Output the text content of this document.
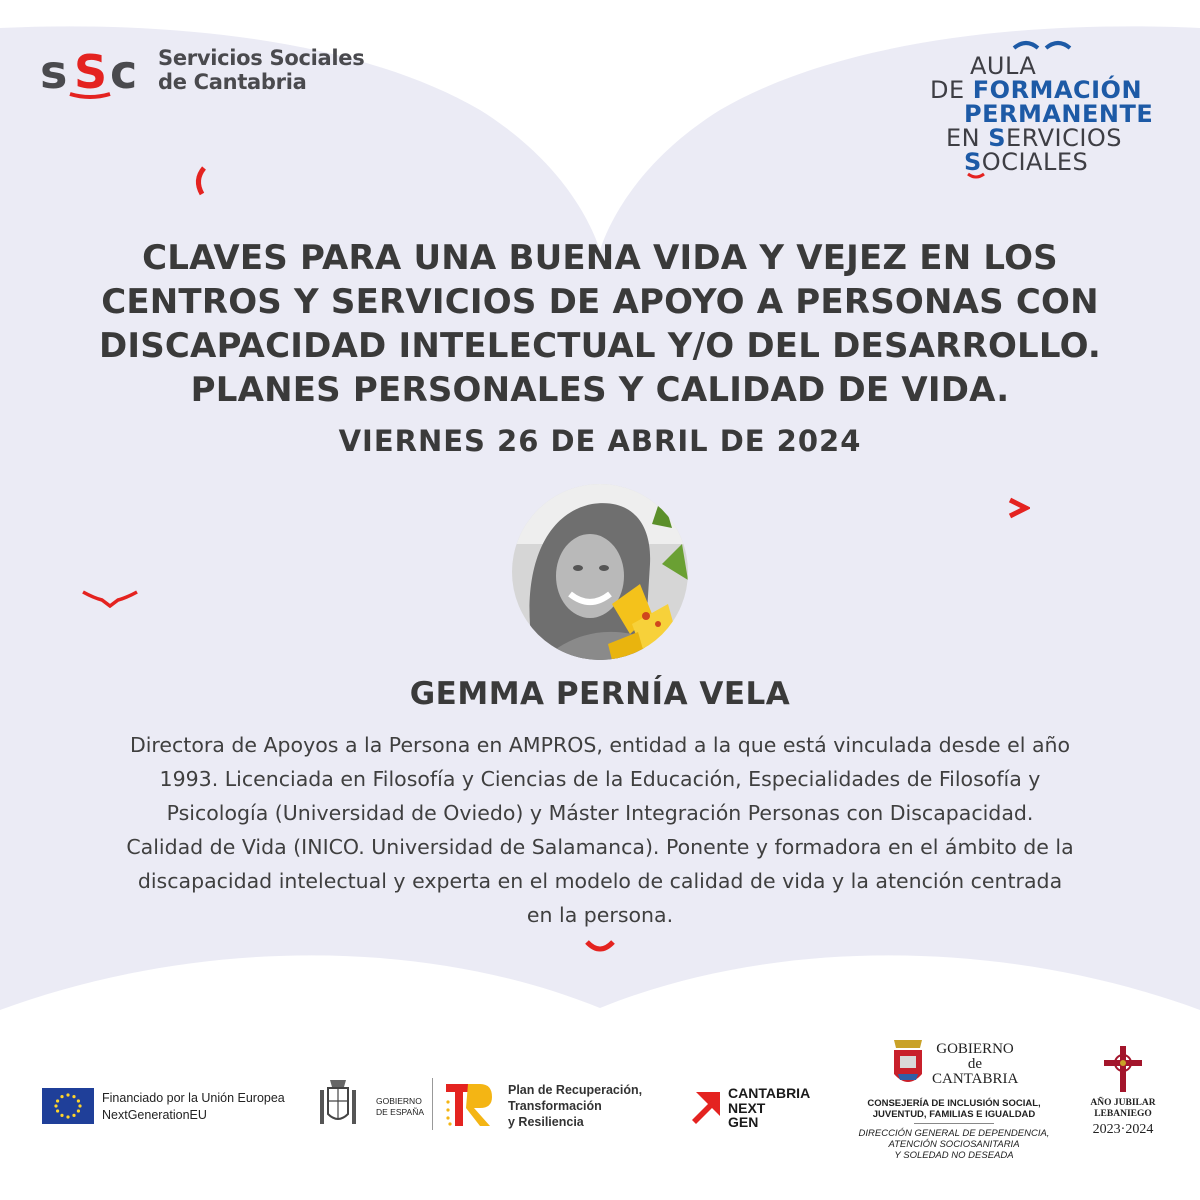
s S c Servicios Sociales
de Cantabria
AULA
DE FORMACIÓN
PERMANENTE
EN SERVICIOS
SOCIALES
CLAVES PARA UNA BUENA VIDA Y VEJEZ EN LOS
CENTROS Y SERVICIOS DE APOYO A PERSONAS CON
DISCAPACIDAD INTELECTUAL Y/O DEL DESARROLLO.
PLANES PERSONALES Y CALIDAD DE VIDA.
VIERNES 26 DE ABRIL DE 2024
GEMMA PERNÍA VELA
Directora de Apoyos a la Persona en AMPROS, entidad a la que está vinculada desde el año
1993. Licenciada en Filosofía y Ciencias de la Educación, Especialidades de Filosofía y
Psicología (Universidad de Oviedo) y Máster Integración Personas con Discapacidad.
Calidad de Vida (INICO. Universidad de Salamanca). Ponente y formadora en el ámbito de la
discapacidad intelectual y experta en el modelo de calidad de vida y la atención centrada
en la persona.
Financiado por la Unión Europea
NextGenerationEU
GOBIERNO
DE ESPAÑA
Plan de Recuperación,
Transformación
y Resiliencia
CANTABRIA
NEXT
GEN
GOBIERNO
de
CANTABRIA
CONSEJERÍA DE INCLUSIÓN SOCIAL,
JUVENTUD, FAMILIAS E IGUALDAD
DIRECCIÓN GENERAL DE DEPENDENCIA,
ATENCIÓN SOCIOSANITARIA
Y SOLEDAD NO DESEADA
AÑO JUBILAR
LEBANIEGO
2023·2024
